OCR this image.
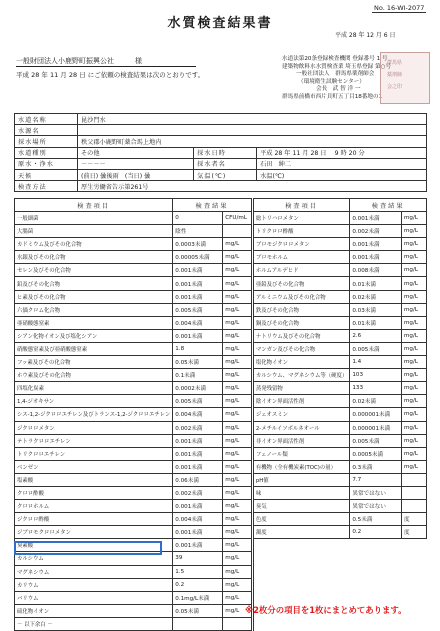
No. 16-WI-2077
水質検査結果書
平成 28 年 12 月 6 日
一般財団法人小鹿野町振興公社　　　様
平成 28 年 11 月 28 日 にご依頼の検査結果は次のとおりです。
水道法第20条登録検査機関 登録番号 1 号
建築物飲料水水質検査業 埼玉県登録 第○号
一般社団法人　群馬県薬剤師会
（環境衛生試験センター）
会長　武 智 洋 一
群馬県前橋市西片貝町五丁目18番地の1
群馬県
薬剤師
会之印
水道名称	昆沙門水		
水源名			
採水場所	秩父郡小鹿野町薬合馬上地内		
水道種別	その他	採水日時	平成 28 年 11 月 28 日　 9 時 20 分
原水・浄水	－－－－	採水者名	石田　紳二
天候	(前日) 曇後雨　(当日) 曇	気温(℃)	水温(℃)
検査方法	厚生労働省告示第261号		
検査項目	検査結果			検査項目	検査結果	
一般細菌	0	CFU/mL		総トリハロメタン	0.001未満	mg/L
大腸菌	陰性			トリクロロ酢酸	0.002未満	mg/L
カドミウム及びその化合物	0.0003未満	mg/L		ブロモジクロロメタン	0.001未満	mg/L
水銀及びその化合物	0.00005未満	mg/L		ブロモホルム	0.001未満	mg/L
セレン及びその化合物	0.001未満	mg/L		ホルムアルデヒド	0.008未満	mg/L
鉛及びその化合物	0.001未満	mg/L		亜鉛及びその化合物	0.01未満	mg/L
ヒ素及びその化合物	0.001未満	mg/L		アルミニウム及びその化合物	0.02未満	mg/L
六価クロム化合物	0.005未満	mg/L		鉄及びその化合物	0.03未満	mg/L
亜硝酸態窒素	0.004未満	mg/L		銅及びその化合物	0.01未満	mg/L
シアン化物イオン及び塩化シアン	0.001未満	mg/L		ナトリウム及びその化合物	2.6	mg/L
硝酸態窒素及び亜硝酸態窒素	1.8	mg/L		マンガン及びその化合物	0.005未満	mg/L
フッ素及びその化合物	0.05未満	mg/L		塩化物イオン	1.4	mg/L
ホウ素及びその化合物	0.1未満	mg/L		カルシウム、マグネシウム等（硬度）	103	mg/L
四塩化炭素	0.0002未満	mg/L		蒸発残留物	133	mg/L
1,4-ジオキサン	0.005未満	mg/L		陰イオン界面活性剤	0.02未満	mg/L
シス-1,2-ジクロロエチレン及びトランス-1,2-ジクロロエチレン	0.004未満	mg/L		ジェオスミン	0.000001未満	mg/L
ジクロロメタン	0.002未満	mg/L		2-メチルイソボルネオール	0.000001未満	mg/L
テトラクロロエチレン	0.001未満	mg/L		非イオン界面活性剤	0.005未満	mg/L
トリクロロエチレン	0.001未満	mg/L		フェノール類	0.0005未満	mg/L
ベンゼン	0.001未満	mg/L		有機物（全有機炭素(TOC)の量）	0.3未満	mg/L
塩素酸	0.06未満	mg/L		pH値	7.7	
クロロ酢酸	0.002未満	mg/L		味	異常ではない	
クロロホルム	0.001未満	mg/L		臭気	異常ではない	
ジクロロ酢酸	0.004未満	mg/L		色度	0.5未満	度
ジブロモクロロメタン	0.001未満	mg/L		濁度	0.2	度
臭素酸	0.001未満	mg/L				
カルシウム	39	mg/L				
マグネシウム	1.5	mg/L				
カリウム	0.2	mg/L				
バリウム	0.1mg/L未満	mg/L				
硫化物イオン	0.05未満	mg/L				
－ 以下余白 －						
※2枚分の項目を1枚にまとめてあります。
